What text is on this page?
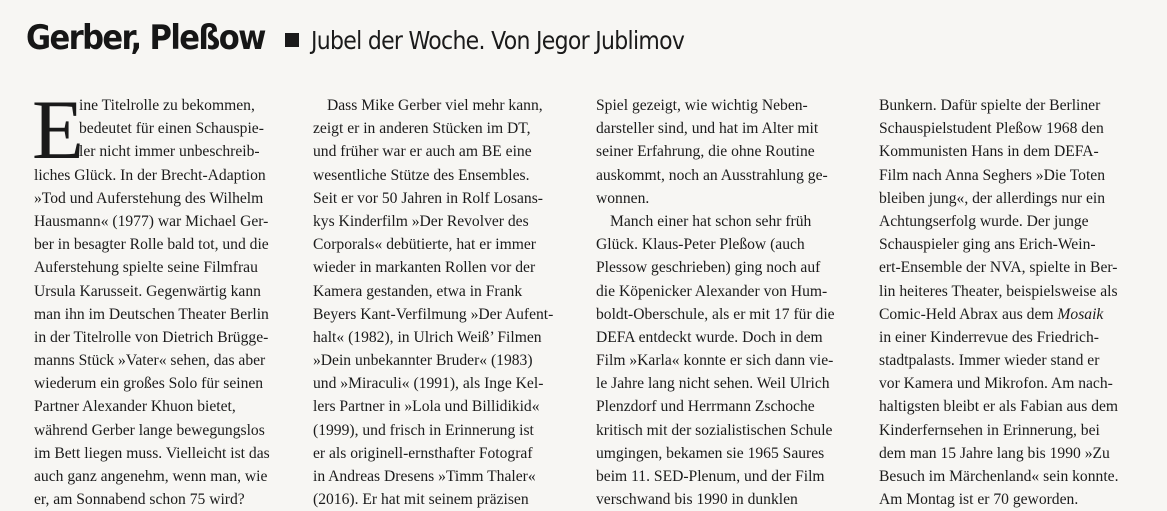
Gerber, Pleßow Jubel der Woche. Von Jegor Jublimov
E
ine Titelrolle zu bekommen,
bedeutet für einen Schauspie-
ler nicht immer unbeschreib-
liches Glück. In der Brecht-Adaption
»Tod und Auferstehung des Wilhelm
Hausmann« (1977) war Michael Ger-
ber in besagter Rolle bald tot, und die
Auferstehung spielte seine Filmfrau
Ursula Karusseit. Gegenwärtig kann
man ihn im Deutschen Theater Berlin
in der Titelrolle von Dietrich Brügge-
manns Stück »Vater« sehen, das aber
wiederum ein großes Solo für seinen
Partner Alexander Khuon bietet,
während Gerber lange bewegungslos
im Bett liegen muss. Vielleicht ist das
auch ganz angenehm, wenn man, wie
er, am Sonnabend schon 75 wird?
Dass Mike Gerber viel mehr kann,
zeigt er in anderen Stücken im DT,
und früher war er auch am BE eine
wesentliche Stütze des Ensembles.
Seit er vor 50 Jahren in Rolf Losans-
kys Kinderfilm »Der Revolver des
Corporals« debütierte, hat er immer
wieder in markanten Rollen vor der
Kamera gestanden, etwa in Frank
Beyers Kant-Verfilmung »Der Aufent-
halt« (1982), in Ulrich Weiß’ Filmen
»Dein unbekannter Bruder« (1983)
und »Miraculi« (1991), als Inge Kel-
lers Partner in »Lola und Billidikid«
(1999), und frisch in Erinnerung ist
er als originell-ernsthafter Fotograf
in Andreas Dresens »Timm Thaler«
(2016). Er hat mit seinem präzisen
Spiel gezeigt, wie wichtig Neben-
darsteller sind, und hat im Alter mit
seiner Erfahrung, die ohne Routine
auskommt, noch an Ausstrahlung ge-
wonnen.
Manch einer hat schon sehr früh
Glück. Klaus-Peter Pleßow (auch
Plessow geschrieben) ging noch auf
die Köpenicker Alexander von Hum-
boldt-Oberschule, als er mit 17 für die
DEFA entdeckt wurde. Doch in dem
Film »Karla« konnte er sich dann vie-
le Jahre lang nicht sehen. Weil Ulrich
Plenzdorf und Herrmann Zschoche
kritisch mit der sozialistischen Schule
umgingen, bekamen sie 1965 Saures
beim 11. SED-Plenum, und der Film
verschwand bis 1990 in dunklen
Bunkern. Dafür spielte der Berliner
Schauspielstudent Pleßow 1968 den
Kommunisten Hans in dem DEFA-
Film nach Anna Seghers »Die Toten
bleiben jung«, der allerdings nur ein
Achtungserfolg wurde. Der junge
Schauspieler ging ans Erich-Wein-
ert-Ensemble der NVA, spielte in Ber-
lin heiteres Theater, beispielsweise als
Comic-Held Abrax aus dem Mosaik
in einer Kinderrevue des Friedrich-
stadtpalasts. Immer wieder stand er
vor Kamera und Mikrofon. Am nach-
haltigsten bleibt er als Fabian aus dem
Kinderfernsehen in Erinnerung, bei
dem man 15 Jahre lang bis 1990 »Zu
Besuch im Märchenland« sein konnte.
Am Montag ist er 70 geworden.
